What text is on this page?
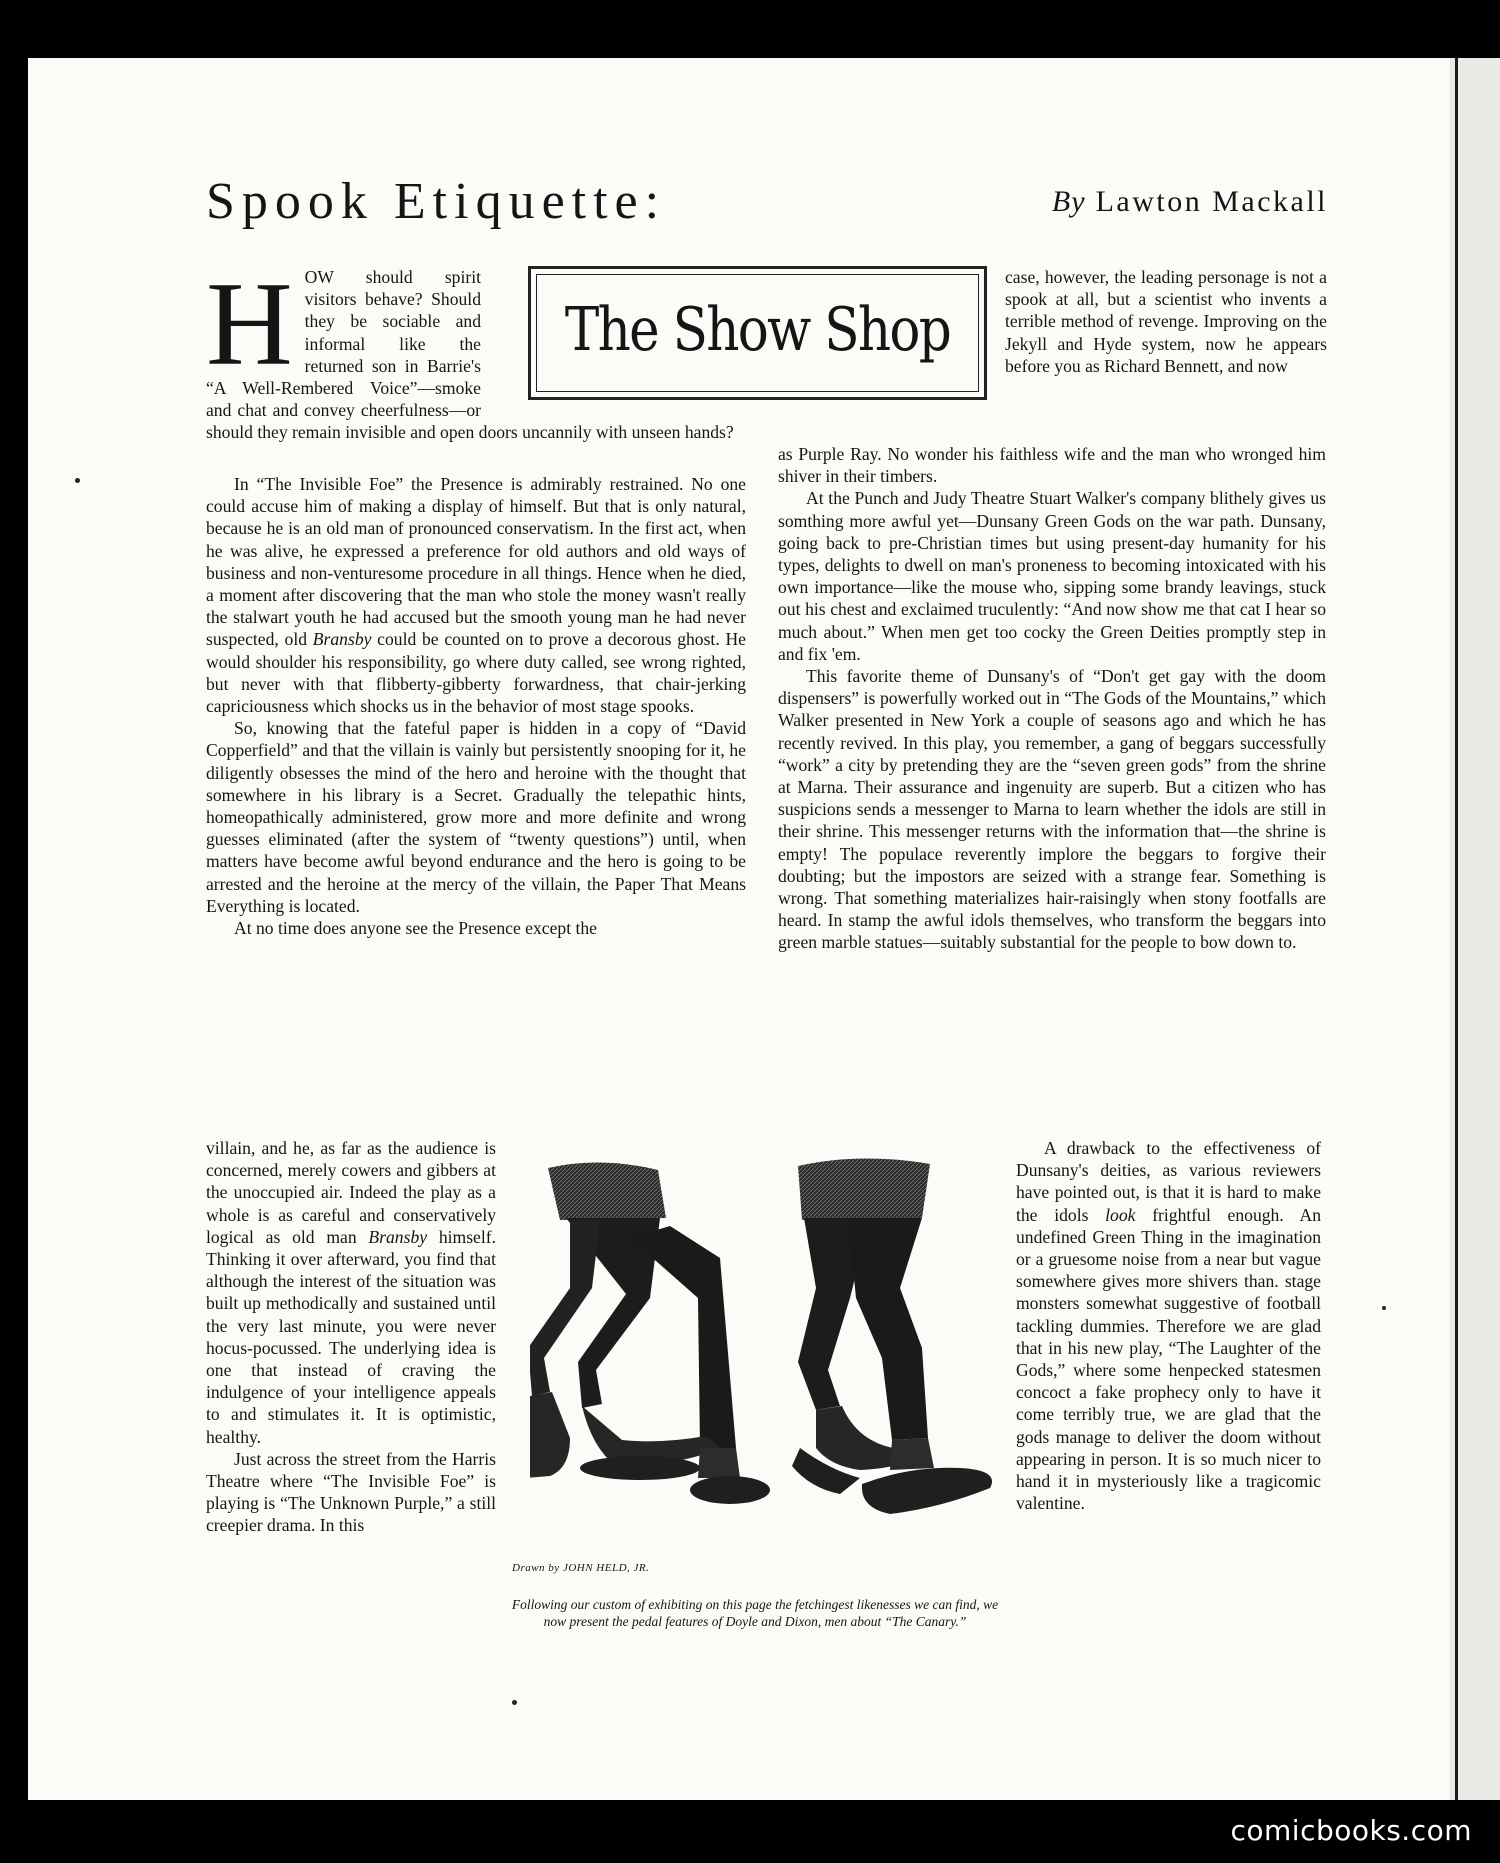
Spook Etiquette:	By Lawton Mackall
The Show Shop
H OW should spirit visitors behave? Should they be sociable and informal like the returned son in Barrie's “A Well-Rembered Voice”—smoke and chat and convey cheerfulness—or should they remain invisible and open doors uncannily with unseen hands?

In “The Invisible Foe” the Presence is admirably restrained. No one could accuse him of making a display of himself. But that is only natural, because he is an old man of pronounced conservatism. In the first act, when he was alive, he expressed a preference for old authors and old ways of business and non-venturesome procedure in all things. Hence when he died, a moment after discovering that the man who stole the money wasn't really the stalwart youth he had accused but the smooth young man he had never suspected, old Bransby could be counted on to prove a decorous ghost. He would shoulder his responsibility, go where duty called, see wrong righted, but never with that flibberty-gibberty forwardness, that chair-jerking capriciousness which shocks us in the behavior of most stage spooks.

So, knowing that the fateful paper is hidden in a copy of “David Copperfield” and that the villain is vainly but persistently snooping for it, he diligently obsesses the mind of the hero and heroine with the thought that somewhere in his library is a Secret. Gradually the telepathic hints, homeopathically administered, grow more and more definite and wrong guesses eliminated (after the system of “twenty questions”) until, when matters have become awful beyond endurance and the hero is going to be arrested and the heroine at the mercy of the villain, the Paper That Means Everything is located.

At no time does anyone see the Presence except the

villain, and he, as far as the audience is concerned, merely cowers and gibbers at the unoccupied air. Indeed the play as a whole is as careful and conservatively logical as old man Bransby himself. Thinking it over afterward, you find that although the interest of the situation was built up methodically and sustained until the very last minute, you were never hocus-pocussed. The underlying idea is one that instead of craving the indulgence of your intelligence appeals to and stimulates it. It is optimistic, healthy.

Just across the street from the Harris Theatre where “The Invisible Foe” is playing is “The Unknown Purple,” a still creepier drama. In this

case, however, the leading personage is not a spook at all, but a scientist who invents a terrible method of revenge. Improving on the Jekyll and Hyde system, now he appears before you as Richard Bennett, and now

as Purple Ray. No wonder his faithless wife and the man who wronged him shiver in their timbers.

At the Punch and Judy Theatre Stuart Walker's company blithely gives us somthing more awful yet—Dunsany Green Gods on the war path. Dunsany, going back to pre-Christian times but using present-day humanity for his types, delights to dwell on man's proneness to becoming intoxicated with his own importance—like the mouse who, sipping some brandy leavings, stuck out his chest and exclaimed truculently: “And now show me that cat I hear so much about.” When men get too cocky the Green Deities promptly step in and fix 'em.

This favorite theme of Dunsany's of “Don't get gay with the doom dispensers” is powerfully worked out in “The Gods of the Mountains,” which Walker presented in New York a couple of seasons ago and which he has recently revived. In this play, you remember, a gang of beggars successfully “work” a city by pretending they are the “seven green gods” from the shrine at Marna. Their assurance and ingenuity are superb. But a citizen who has suspicions sends a messenger to Marna to learn whether the idols are still in their shrine. This messenger returns with the information that—the shrine is empty! The populace reverently implore the beggars to forgive their doubting; but the impostors are seized with a strange fear. Something is wrong. That something materializes hair-raisingly when stony footfalls are heard. In stamp the awful idols themselves, who transform the beggars into green marble statues—suitably substantial for the people to bow down to.

A drawback to the effectiveness of Dunsany's deities, as various reviewers have pointed out, is that it is hard to make the idols look frightful enough. An undefined Green Thing in the imagination or a gruesome noise from a near but vague somewhere gives more shivers than. stage monsters somewhat suggestive of football tackling dummies. Therefore we are glad that in his new play, “The Laughter of the Gods,” where some henpecked statesmen concoct a fake prophecy only to have it come terribly true, we are glad that the gods manage to deliver the doom without appearing in person. It is so much nicer to hand it in mysteriously like a tragicomic valentine.

Drawn by JOHN HELD, JR.
Following our custom of exhibiting on this page the fetchingest likenesses we can find, we now present the pedal features of Doyle and Dixon, men about “The Canary.”
comicbooks.com
